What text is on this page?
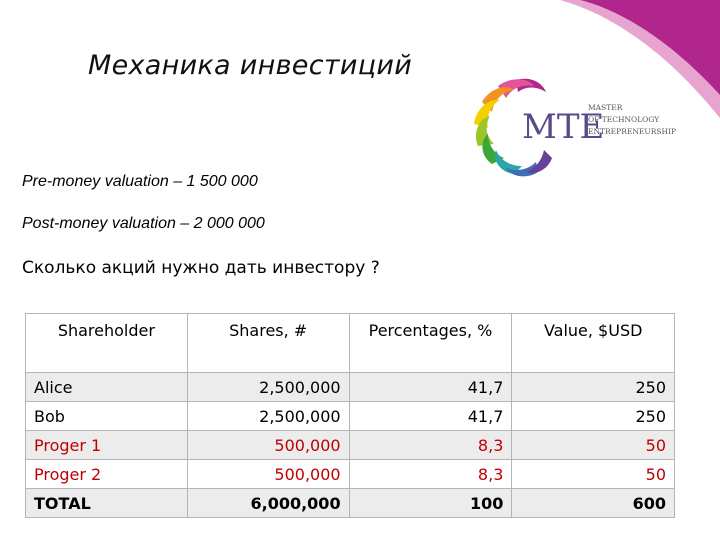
Механика инвестиций
MTE
MASTER
OF TECHNOLOGY
ENTREPRENEURSHIP
Pre-money valuation – 1 500 000
Post-money valuation – 2 000 000
Сколько акций нужно дать инвестору ?
Shareholder	Shares, #	Percentages, %	Value, $USD
Alice	2,500,000	41,7	250
Bob	2,500,000	41,7	250
Proger 1	500,000	8,3	50
Proger 2	500,000	8,3	50
TOTAL	6,000,000	100	600
